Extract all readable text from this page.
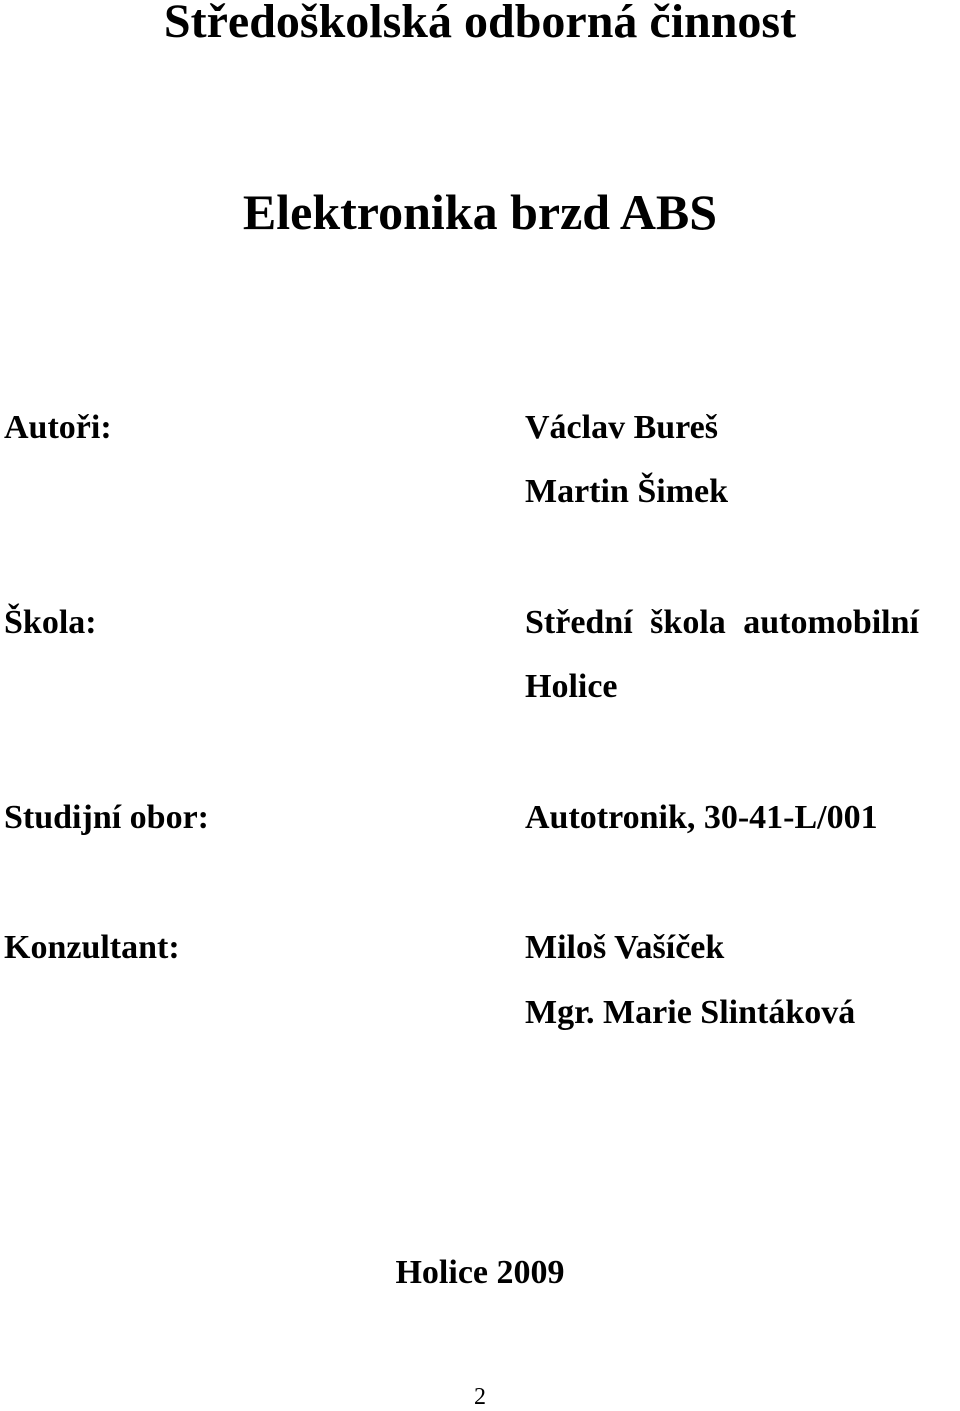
Středoškolská odborná činnost
Elektronika brzd ABS
Autoři:	Václav Bureš
Martin Šimek
Škola:	Střední škola automobilní
Holice
Studijní obor:	Autotronik, 30-41-L/001
Konzultant:	Miloš Vašíček
Mgr. Marie Slintáková
Holice 2009
2
